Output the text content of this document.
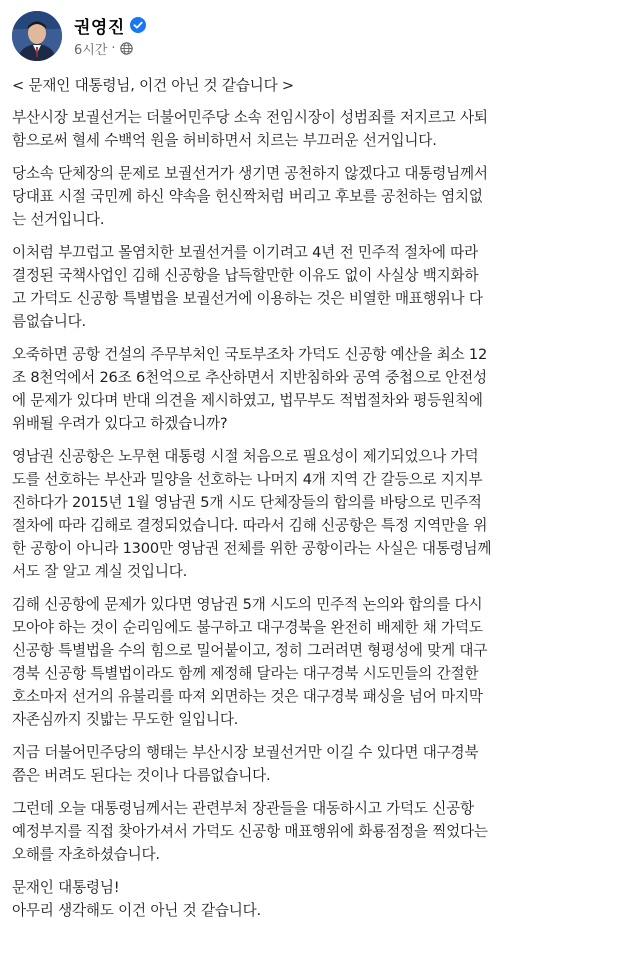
권영진
6시간 ·

< 문재인 대통령님, 이건 아닌 것 같습니다 >

부산시장 보궐선거는 더불어민주당 소속 전임시장이 성범죄를 저지르고 사퇴
함으로써 혈세 수백억 원을 허비하면서 치르는 부끄러운 선거입니다.

당소속 단체장의 문제로 보궐선거가 생기면 공천하지 않겠다고 대통령님께서
당대표 시절 국민께 하신 약속을 헌신짝처럼 버리고 후보를 공천하는 염치없
는 선거입니다.

이처럼 부끄럽고 몰염치한 보궐선거를 이기려고 4년 전 민주적 절차에 따라
결정된 국책사업인 김해 신공항을 납득할만한 이유도 없이 사실상 백지화하
고 가덕도 신공항 특별법을 보궐선거에 이용하는 것은 비열한 매표행위나 다
름없습니다.

오죽하면 공항 건설의 주무부처인 국토부조차 가덕도 신공항 예산을 최소 12
조 8천억에서 26조 6천억으로 추산하면서 지반침하와 공역 중첩으로 안전성
에 문제가 있다며 반대 의견을 제시하였고, 법무부도 적법절차와 평등원칙에
위배될 우려가 있다고 하겠습니까?

영남권 신공항은 노무현 대통령 시절 처음으로 필요성이 제기되었으나 가덕
도를 선호하는 부산과 밀양을 선호하는 나머지 4개 지역 간 갈등으로 지지부
진하다가 2015년 1월 영남권 5개 시도 단체장들의 합의를 바탕으로 민주적
절차에 따라 김해로 결정되었습니다. 따라서 김해 신공항은 특정 지역만을 위
한 공항이 아니라 1300만 영남권 전체를 위한 공항이라는 사실은 대통령님께
서도 잘 알고 계실 것입니다.

김해 신공항에 문제가 있다면 영남권 5개 시도의 민주적 논의와 합의를 다시
모아야 하는 것이 순리임에도 불구하고 대구경북을 완전히 배제한 채 가덕도
신공항 특별법을 수의 힘으로 밀어붙이고, 정히 그러려면 형평성에 맞게 대구
경북 신공항 특별법이라도 함께 제정해 달라는 대구경북 시도민들의 간절한
호소마저 선거의 유불리를 따져 외면하는 것은 대구경북 패싱을 넘어 마지막
자존심까지 짓밟는 무도한 일입니다.

지금 더불어민주당의 행태는 부산시장 보궐선거만 이길 수 있다면 대구경북
쯤은 버려도 된다는 것이나 다름없습니다.

그런데 오늘 대통령님께서는 관련부처 장관들을 대동하시고 가덕도 신공항
예정부지를 직접 찾아가셔서 가덕도 신공항 매표행위에 화룡점정을 찍었다는
오해를 자초하셨습니다.

문재인 대통령님!
아무리 생각해도 이건 아닌 것 같습니다.
